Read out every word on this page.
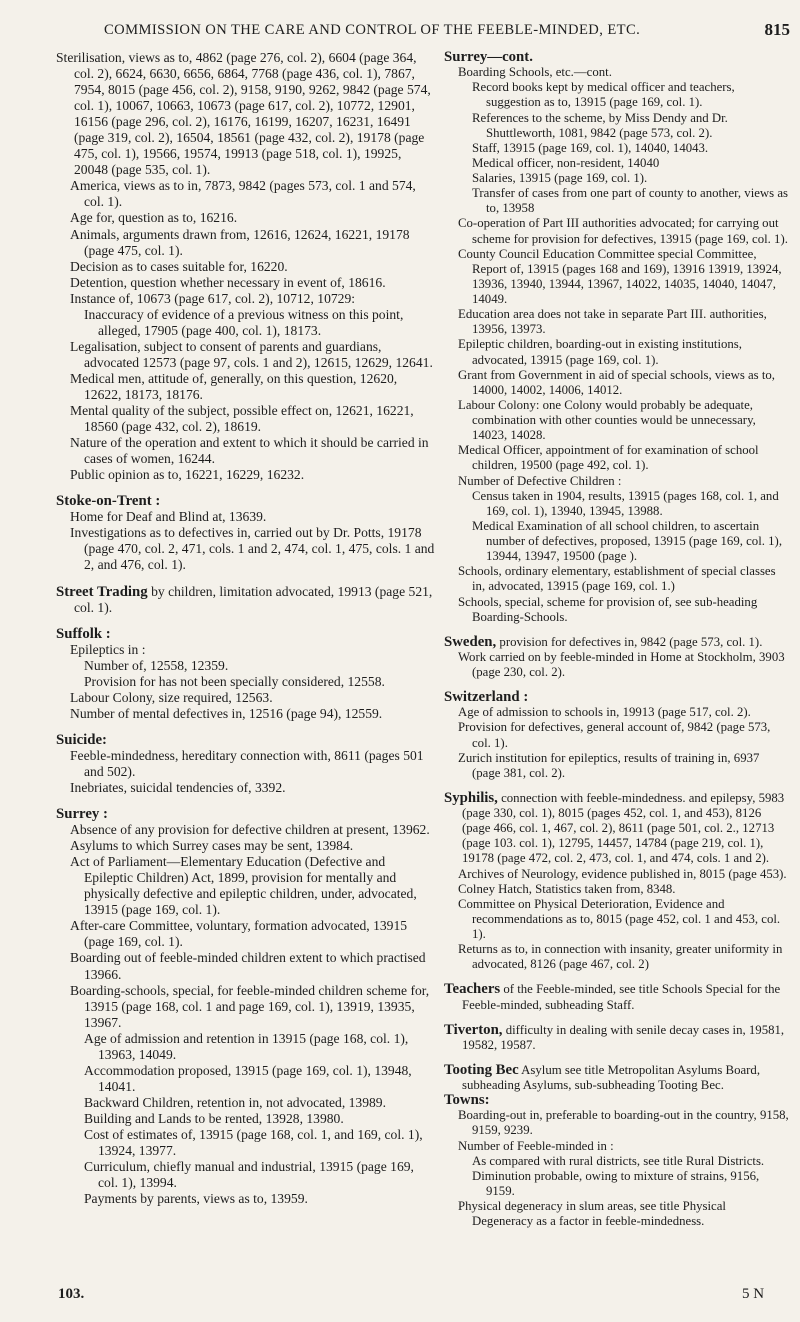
COMMISSION ON THE CARE AND CONTROL OF THE FEEBLE-MINDED, ETC.	815
Sterilisation, views as to, 4862 (page 276, col. 2), 6604 (page 364, col. 2), 6624, 6630, 6656, 6864, 7768 (page 436, col. 1), 7867, 7954, 8015 (page 456, col. 2), 9158, 9190, 9262, 9842 (page 574, col. 1), 10067, 10663, 10673 (page 617, col. 2), 10772, 12901, 16156 (page 296, col. 2), 16176, 16199, 16207, 16231, 16491 (page 319, col. 2), 16504, 18561 (page 432, col. 2), 19178 (page 475, col. 1), 19566, 19574, 19913 (page 518, col. 1), 19925, 20048 (page 535, col. 1).
America, views as to in, 7873, 9842 (pages 573, col. 1 and 574, col. 1).
Age for, question as to, 16216.
Animals, arguments drawn from, 12616, 12624, 16221, 19178 (page 475, col. 1).
Decision as to cases suitable for, 16220.
Detention, question whether necessary in event of, 18616.
Instance of, 10673 (page 617, col. 2), 10712, 10729:
Inaccuracy of evidence of a previous witness on this point, alleged, 17905 (page 400, col. 1), 18173.
Legalisation, subject to consent of parents and guardians, advocated 12573 (page 97, cols. 1 and 2), 12615, 12629, 12641.
Medical men, attitude of, generally, on this question, 12620, 12622, 18173, 18176.
Mental quality of the subject, possible effect on, 12621, 16221, 18560 (page 432, col. 2), 18619.
Nature of the operation and extent to which it should be carried in cases of women, 16244.
Public opinion as to, 16221, 16229, 16232.
Stoke-on-Trent :
Home for Deaf and Blind at, 13639.
Investigations as to defectives in, carried out by Dr. Potts, 19178 (page 470, col. 2, 471, cols. 1 and 2, 474, col. 1, 475, cols. 1 and 2, and 476, col. 1).
Street Trading by children, limitation advocated, 19913 (page 521, col. 1).
Suffolk :
Epileptics in :
Number of, 12558, 12359.
Provision for has not been specially considered, 12558.
Labour Colony, size required, 12563.
Number of mental defectives in, 12516 (page 94), 12559.
Suicide:
Feeble-mindedness, hereditary connection with, 8611 (pages 501 and 502).
Inebriates, suicidal tendencies of, 3392.
Surrey :
Absence of any provision for defective children at present, 13962.
Asylums to which Surrey cases may be sent, 13984.
Act of Parliament—Elementary Education (Defective and Epileptic Children) Act, 1899, provision for mentally and physically defective and epileptic children, under, advocated, 13915 (page 169, col. 1).
After-care Committee, voluntary, formation advocated, 13915 (page 169, col. 1).
Boarding out of feeble-minded children extent to which practised 13966.
Boarding-schools, special, for feeble-minded children scheme for, 13915 (page 168, col. 1 and page 169, col. 1), 13919, 13935, 13967.
Age of admission and retention in 13915 (page 168, col. 1), 13963, 14049.
Accommodation proposed, 13915 (page 169, col. 1), 13948, 14041.
Backward Children, retention in, not advocated, 13989.
Building and Lands to be rented, 13928, 13980.
Cost of estimates of, 13915 (page 168, col. 1, and 169, col. 1), 13924, 13977.
Curriculum, chiefly manual and industrial, 13915 (page 169, col. 1), 13994.
Payments by parents, views as to, 13959.
Surrey—cont.
Boarding Schools, etc.—cont.
Record books kept by medical officer and teachers, suggestion as to, 13915 (page 169, col. 1).
References to the scheme, by Miss Dendy and Dr. Shuttleworth, 1081, 9842 (page 573, col. 2).
Staff, 13915 (page 169, col. 1), 14040, 14043.
Medical officer, non-resident, 14040
Salaries, 13915 (page 169, col. 1).
Transfer of cases from one part of county to another, views as to, 13958
Co-operation of Part III authorities advocated; for carrying out scheme for provision for defectives, 13915 (page 169, col. 1).
County Council Education Committee special Committee, Report of, 13915 (pages 168 and 169), 13916 13919, 13924, 13936, 13940, 13944, 13967, 14022, 14035, 14040, 14047, 14049.
Education area does not take in separate Part III. authorities, 13956, 13973.
Epileptic children, boarding-out in existing institutions, advocated, 13915 (page 169, col. 1).
Grant from Government in aid of special schools, views as to, 14000, 14002, 14006, 14012.
Labour Colony: one Colony would probably be adequate, combination with other counties would be unnecessary, 14023, 14028.
Medical Officer, appointment of for examination of school children, 19500 (page 492, col. 1).
Number of Defective Children :
Census taken in 1904, results, 13915 (pages 168, col. 1, and 169, col. 1), 13940, 13945, 13988.
Medical Examination of all school children, to ascertain number of defectives, proposed, 13915 (page 169, col. 1), 13944, 13947, 19500 (page ).
Schools, ordinary elementary, establishment of special classes in, advocated, 13915 (page 169, col. 1.)
Schools, special, scheme for provision of, see sub-heading Boarding-Schools.
Sweden, provision for defectives in, 9842 (page 573, col. 1).
Work carried on by feeble-minded in Home at Stockholm, 3903 (page 230, col. 2).
Switzerland :
Age of admission to schools in, 19913 (page 517, col. 2).
Provision for defectives, general account of, 9842 (page 573, col. 1).
Zurich institution for epileptics, results of training in, 6937 (page 381, col. 2).
Syphilis, connection with feeble-mindedness. and epilepsy, 5983 (page 330, col. 1), 8015 (pages 452, col. 1, and 453), 8126 (page 466, col. 1, 467, col. 2), 8611 (page 501, col. 2., 12713 (page 103. col. 1), 12795, 14457, 14784 (page 219, col. 1), 19178 (page 472, col. 2, 473, col. 1, and 474, cols. 1 and 2).
Archives of Neurology, evidence published in, 8015 (page 453).
Colney Hatch, Statistics taken from, 8348.
Committee on Physical Deterioration, Evidence and recommendations as to, 8015 (page 452, col. 1 and 453, col. 1).
Returns as to, in connection with insanity, greater uniformity in advocated, 8126 (page 467, col. 2)
Teachers of the Feeble-minded, see title Schools Special for the Feeble-minded, subheading Staff.
Tiverton, difficulty in dealing with senile decay cases in, 19581, 19582, 19587.
Tooting Bec Asylum see title Metropolitan Asylums Board, subheading Asylums, sub-subheading Tooting Bec.
Towns:
Boarding-out in, preferable to boarding-out in the country, 9158, 9159, 9239.
Number of Feeble-minded in :
As compared with rural districts, see title Rural Districts.
Diminution probable, owing to mixture of strains, 9156, 9159.
Physical degeneracy in slum areas, see title Physical Degeneracy as a factor in feeble-mindedness.
103.	5 N
